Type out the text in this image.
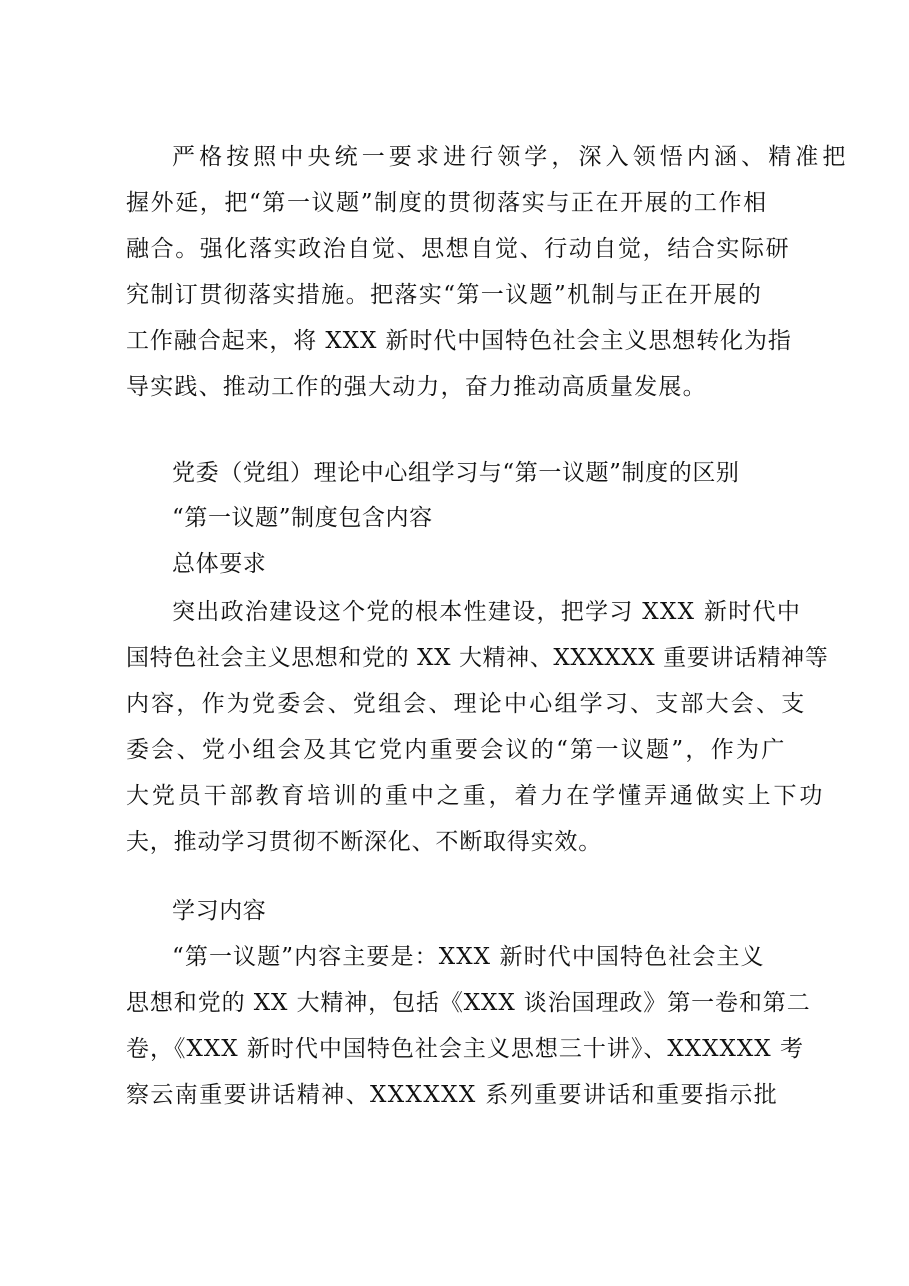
严格按照中央统一要求进行领学，深入领悟内涵、精准把
握外延，把“第一议题”制度的贯彻落实与正在开展的工作相
融合。强化落实政治自觉、思想自觉、行动自觉，结合实际研
究制订贯彻落实措施。把落实“第一议题”机制与正在开展的
工作融合起来，将 XXX 新时代中国特色社会主义思想转化为指
导实践、推动工作的强大动力，奋力推动高质量发展。
党委（党组）理论中心组学习与“第一议题”制度的区别
“第一议题”制度包含内容
总体要求
突出政治建设这个党的根本性建设，把学习 XXX 新时代中
国特色社会主义思想和党的 XX 大精神、XXXXXX 重要讲话精神等
内容，作为党委会、党组会、理论中心组学习、支部大会、支
委会、党小组会及其它党内重要会议的“第一议题”，作为广
大党员干部教育培训的重中之重，着力在学懂弄通做实上下功
夫，推动学习贯彻不断深化、不断取得实效。
学习内容
“第一议题”内容主要是：XXX 新时代中国特色社会主义
思想和党的 XX 大精神，包括《XXX 谈治国理政》第一卷和第二
卷，《XXX 新时代中国特色社会主义思想三十讲》、XXXXXX 考
察云南重要讲话精神、XXXXXX 系列重要讲话和重要指示批
